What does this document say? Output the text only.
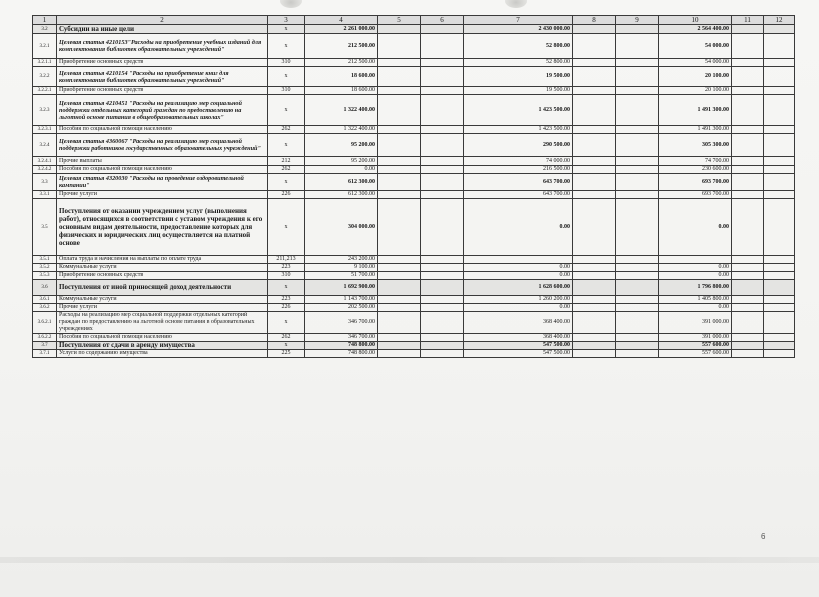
1	2	3	4	5	6	7	8	9	10	11	12
3.2	Субсидии на иные цели	x	2 261 000.00			2 430 000.00			2 564 400.00		
3.2.1	Целевая статья 4210153"Расходы на приобретение учебных изданий для комплектования библиотек образовательных учреждений"	x	212 500.00			52 800.00			54 000.00		
3.2.1.1	Приобретение основных средств	310	212 500.00			52 800.00			54 000.00		
3.2.2	Целевая статья 4210154 "Расходы на приобретение книг для комплектования библиотек образовательных учреждений"	x	18 600.00			19 500.00			20 100.00		
3.2.2.1	Приобретение основных средств	310	18 600.00			19 500.00			20 100.00		
3.2.3	Целевая статья 4210451 "Расходы на реализацию мер социальной поддержки отдельных категорий граждан по предоставлению на льготной основе питания в общеобразовательных школах"	x	1 322 400.00			1 423 500.00			1 491 300.00		
3.2.3.1	Пособия по социальной помощи населению	262	1 322 400.00			1 423 500.00			1 491 300.00		
3.2.4	Целевая статья 4360067 "Расходы на реализацию мер социальной поддержки работников государственных образовательных учреждений"	x	95 200.00			290 500.00			305 300.00		
3.2.4.1	Прочие выплаты	212	95 200.00			74 000.00			74 700.00		
3.2.4.2	Пособия по социальной помощи населению	262	0.00			216 500.00			230 600.00		
3.3	Целевая статья 4320030 "Расходы на проведение оздоровительной кампании"	x	612 300.00			643 700.00			693 700.00		
3.3.1	Прочие услуги	226	612 300.00			643 700.00			693 700.00		
3.5	Поступления от оказании учреждением услуг (выполнения работ), относящихся в соответствии с уставом учреждения к его основным видам деятельности, предоставление которых для физических и юридических лиц осуществляется на платной основе	x	304 000.00			0.00			0.00		
3.5.1	Оплата труда и начисления на выплаты по оплате труда	211,213	243 200.00								
3.5.2	Коммунальные услуги	223	9 100.00			0.00			0.00		
3.5.3	Приобретение основных средств	310	51 700.00			0.00			0.00		
3.6	Поступления от иной приносящей доход деятельности	x	1 692 900.00			1 628 600.00			1 796 800.00		
3.6.1	Коммунальные услуги	223	1 143 700.00			1 260 200.00			1 405 800.00		
3.6.2	Прочие услуги	226	202 500.00			0.00			0.00		
3.6.2.1	Расходы на реализацию мер социальной поддержки отдельных категорий граждан по предоставлению на льготной основе питания в образовательных учреждениях	x	346 700.00			368 400.00			391 000.00		
3.6.2.2	Пособия по социальной помощи населению	262	346 700.00			368 400.00			391 000.00		
3.7	Поступления от сдачи в аренду имущества	x	748 800.00			547 500.00			557 600.00		
3.7.1	Услуги по содержанию имущества	225	748 800.00			547 500.00			557 600.00		
6
